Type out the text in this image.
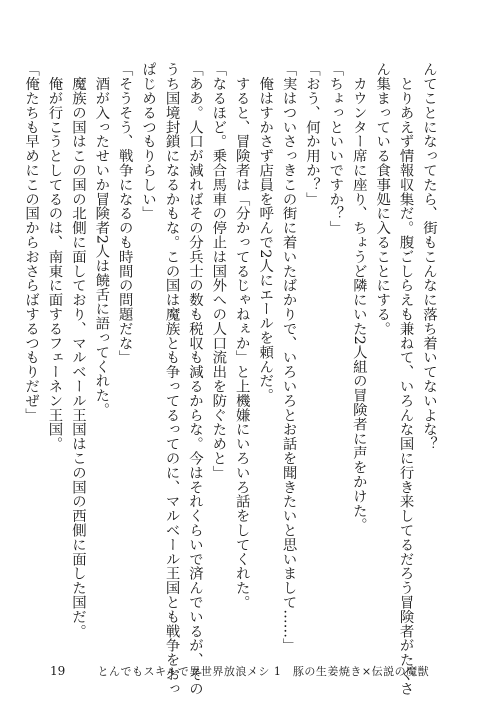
んてことになってたら、街もこんなに落ち着いてないよな？
　とりあえず情報収集だ。腹ごしらえも兼ねて、いろんな国に行き来してるだろう冒険者がたくさ
ん集まっている食事処に入ることにする。
　カウンター席に座り、ちょうど隣にいた2人組の冒険者に声をかけた。
「ちょっといいですか？」
「おう、何か用か？」
「実はついさっきこの街に着いたばかりで、いろいろとお話を聞きたいと思いまして……」
　俺はすかさず店員を呼んで2人にエールを頼んだ。
　すると、冒険者は「分かってるじゃねぇか」と上機嫌にいろいろ話をしてくれた。
「なるほど。乗合馬車の停止は国外への人口流出を防ぐためと」
「ああ。人口が減ればその分兵士の数も税収も減るからな。今はそれくらいで済んでいるが、その
うち国境封鎖になるかもな。この国は魔族とも争ってるってのに、マルベール王国とも戦争をおっ
ぱじめるつもりらしい」
「そうそう、戦争になるのも時間の問題だな」
　酒が入ったせいか冒険者2人は饒舌に語ってくれた。
　魔族の国はこの国の北側に面しており、マルベール王国はこの国の西側に面した国だ。
　俺が行こうとしてるのは、南東に面するフェーネン王国。
「俺たちも早めにこの国からおさらばするつもりだぜ」
19	とんでもスキルで異世界放浪メシ 1　豚の生姜焼き×伝説の魔獣
